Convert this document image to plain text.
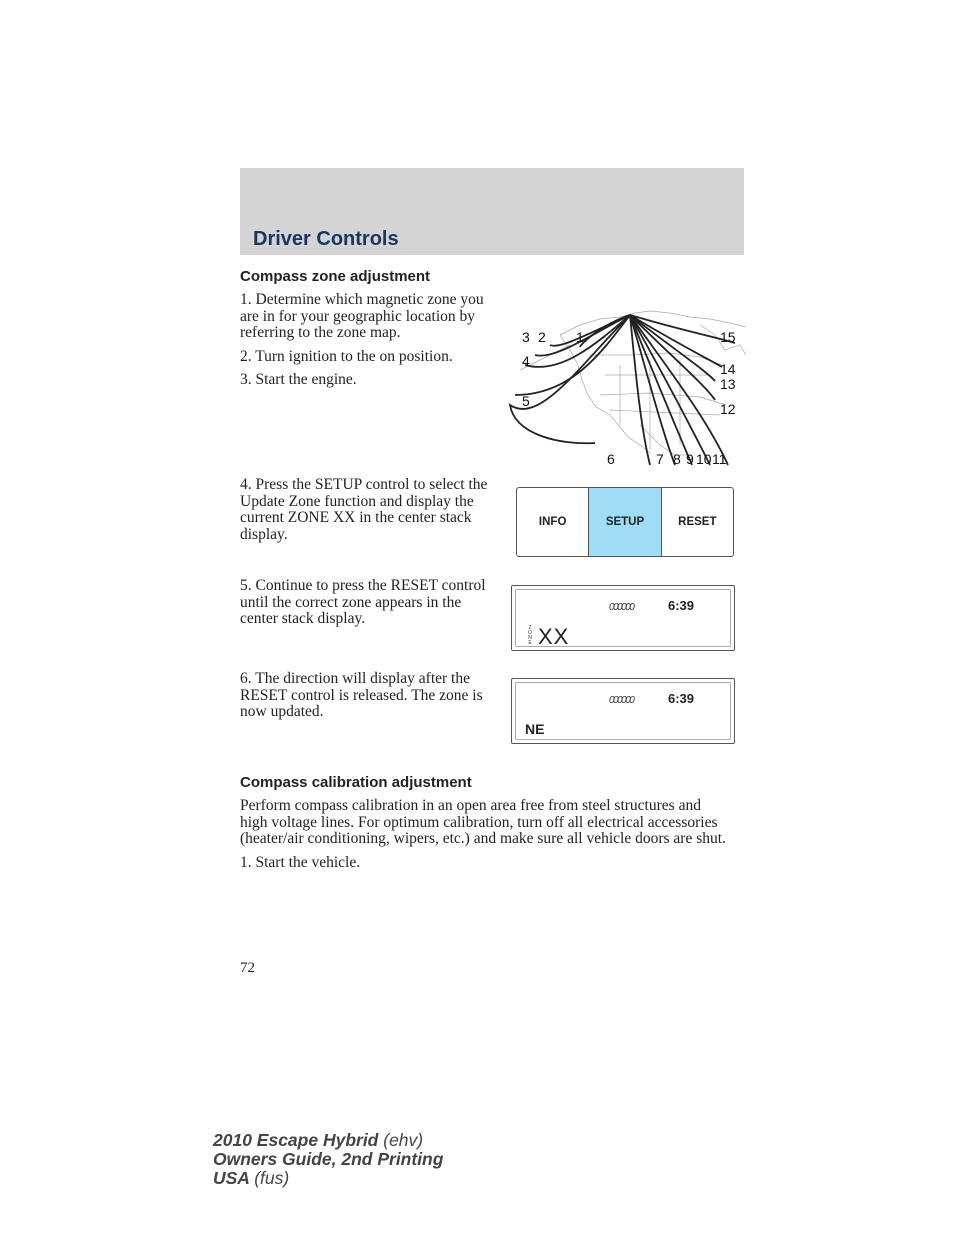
Driver Controls
Compass zone adjustment

1. Determine which magnetic zone you are in for your geographic location by referring to the zone map.

2. Turn ignition to the on position.

3. Start the engine.

1
2
3
4
5
6	7 8 9 10 11
12
13
14
15
4. Press the SETUP control to select the Update Zone function and display the current ZONE XX in the center stack display.
INFO	SETUP	RESET
5. Continue to press the RESET control until the correct zone appears in the center stack display.
000000	6:39
Z
O
N
E XX
6. The direction will display after the RESET control is released. The zone is now updated.
000000	6:39
NE
Compass calibration adjustment

Perform compass calibration in an open area free from steel structures and high voltage lines. For optimum calibration, turn off all electrical accessories (heater/air conditioning, wipers, etc.) and make sure all vehicle doors are shut.

1. Start the vehicle.

72
2010 Escape Hybrid (ehv)
Owners Guide, 2nd Printing
USA (fus)
